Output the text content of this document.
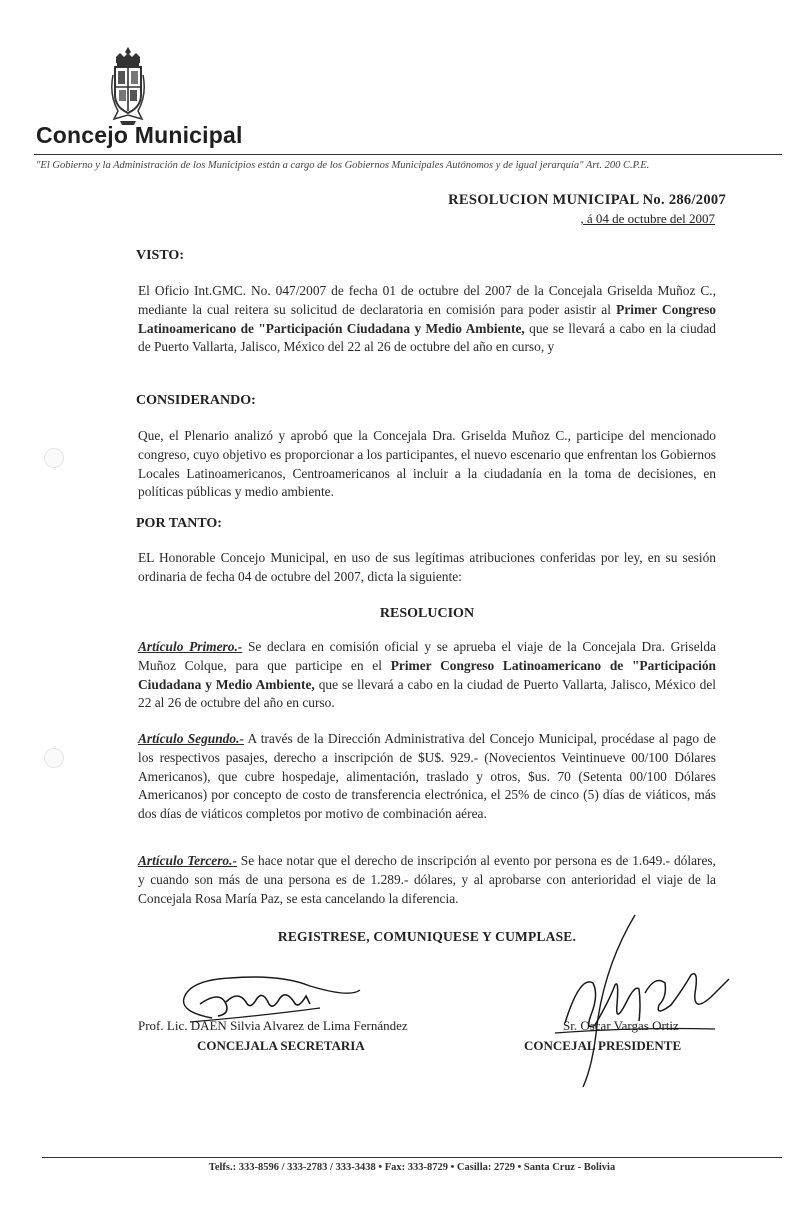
Concejo Municipal
"El Gobierno y la Administración de los Municipios están a cargo de los Gobiernos Municipales Autónomos y de igual jerarquía" Art. 200 C.P.E.
RESOLUCION MUNICIPAL No. 286/2007
, á 04 de octubre del 2007
VISTO:
El Oficio Int.GMC. No. 047/2007 de fecha 01 de octubre del 2007 de la Concejala Griselda Muñoz C., mediante la cual reitera su solicitud de declaratoria en comisión para poder asistir al Primer Congreso Latinoamericano de "Participación Ciudadana y Medio Ambiente, que se llevará a cabo en la ciudad de Puerto Vallarta, Jalisco, México del 22 al 26 de octubre del año en curso, y
CONSIDERANDO:
Que, el Plenario analizó y aprobó que la Concejala Dra. Griselda Muñoz C., participe del mencionado congreso, cuyo objetivo es proporcionar a los participantes, el nuevo escenario que enfrentan los Gobiernos Locales Latinoamericanos, Centroamericanos al incluir a la ciudadanía en la toma de decisiones, en políticas públicas y medio ambiente.
POR TANTO:
EL Honorable Concejo Municipal, en uso de sus legítimas atribuciones conferidas por ley, en su sesión ordinaria de fecha 04 de octubre del 2007, dicta la siguiente:
RESOLUCION
Artículo Primero.- Se declara en comisión oficial y se aprueba el viaje de la Concejala Dra. Griselda Muñoz Colque, para que participe en el Primer Congreso Latinoamericano de "Participación Ciudadana y Medio Ambiente, que se llevará a cabo en la ciudad de Puerto Vallarta, Jalisco, México del 22 al 26 de octubre del año en curso.
Artículo Segundo.- A través de la Dirección Administrativa del Concejo Municipal, procédase al pago de los respectivos pasajes, derecho a inscripción de $U$. 929.- (Novecientos Veintinueve 00/100 Dólares Americanos), que cubre hospedaje, alimentación, traslado y otros, $us. 70 (Setenta 00/100 Dólares Americanos) por concepto de costo de transferencia electrónica, el 25% de cinco (5) días de viáticos, más dos días de viáticos completos por motivo de combinación aérea.
Artículo Tercero.- Se hace notar que el derecho de inscripción al evento por persona es de 1.649.- dólares, y cuando son más de una persona es de 1.289.- dólares, y al aprobarse con anterioridad el viaje de la Concejala Rosa María Paz, se esta cancelando la diferencia.
REGISTRESE, COMUNIQUESE Y CUMPLASE.
Prof. Lic. DAEN Silvia Alvarez de Lima Fernández
CONCEJALA SECRETARIA
Sr. Oscar Vargas Ortiz
CONCEJAL PRESIDENTE
Telfs.: 333-8596 / 333-2783 / 333-3438 • Fax: 333-8729 • Casilla: 2729 • Santa Cruz - Bolivia
